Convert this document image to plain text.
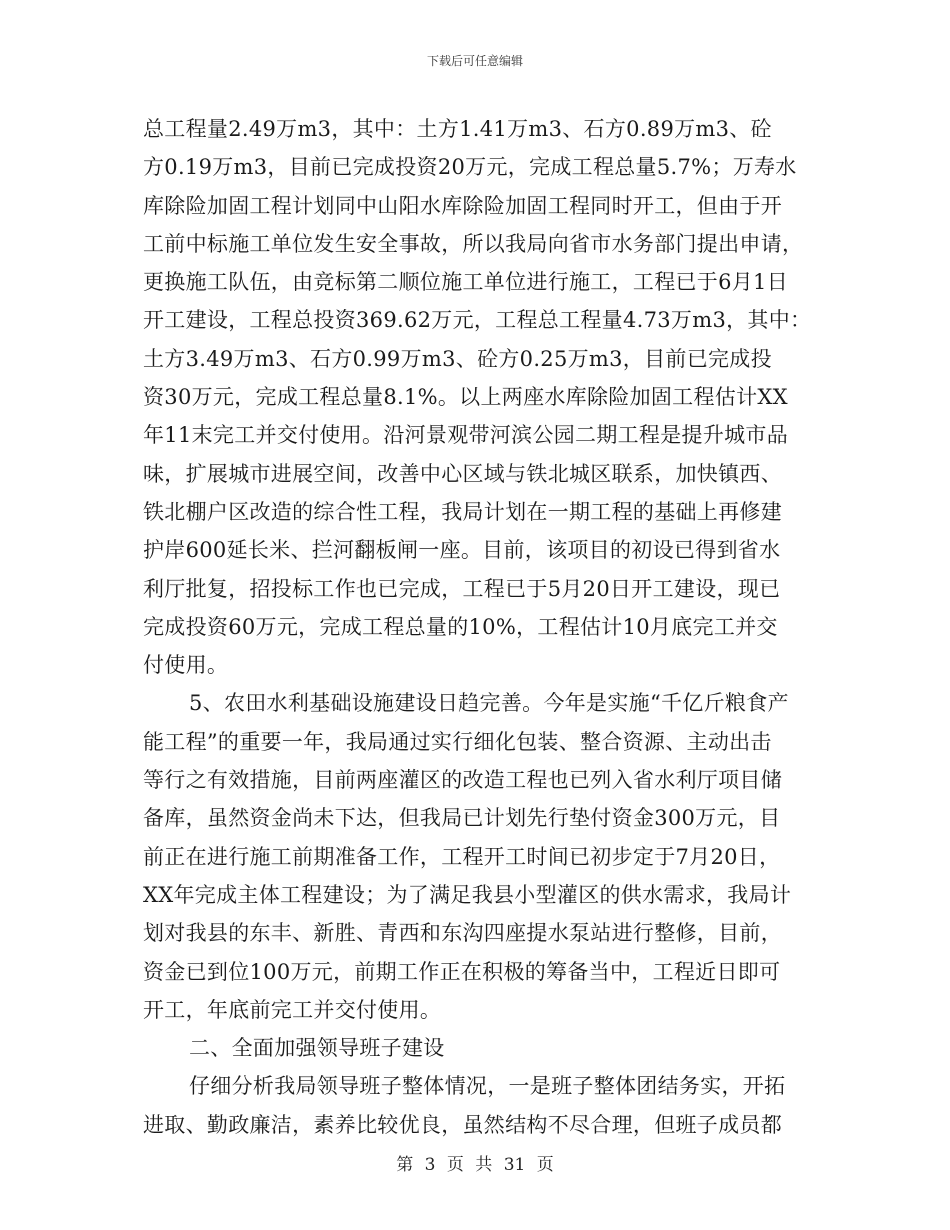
下载后可任意编辑
总工程量2.49万m3，其中：土方1.41万m3、石方0.89万m3、砼
方0.19万m3，目前已完成投资20万元，完成工程总量5.7%；万寿水
库除险加固工程计划同中山阳水库除险加固工程同时开工，但由于开
工前中标施工单位发生安全事故，所以我局向省市水务部门提出申请，
更换施工队伍，由竞标第二顺位施工单位进行施工，工程已于6月1日
开工建设，工程总投资369.62万元，工程总工程量4.73万m3，其中：
土方3.49万m3、石方0.99万m3、砼方0.25万m3，目前已完成投
资30万元，完成工程总量8.1%。以上两座水库除险加固工程估计XX
年11末完工并交付使用。沿河景观带河滨公园二期工程是提升城市品
味，扩展城市进展空间，改善中心区域与铁北城区联系，加快镇西、
铁北棚户区改造的综合性工程，我局计划在一期工程的基础上再修建
护岸600延长米、拦河翻板闸一座。目前，该项目的初设已得到省水
利厅批复，招投标工作也已完成，工程已于5月20日开工建设，现已
完成投资60万元，完成工程总量的10%，工程估计10月底完工并交
付使用。
5、农田水利基础设施建设日趋完善。今年是实施“千亿斤粮食产
能工程”的重要一年，我局通过实行细化包装、整合资源、主动出击
等行之有效措施，目前两座灌区的改造工程也已列入省水利厅项目储
备库，虽然资金尚未下达，但我局已计划先行垫付资金300万元，目
前正在进行施工前期准备工作，工程开工时间已初步定于7月20日，
XX年完成主体工程建设；为了满足我县小型灌区的供水需求，我局计
划对我县的东丰、新胜、青西和东沟四座提水泵站进行整修，目前，
资金已到位100万元，前期工作正在积极的筹备当中，工程近日即可
开工，年底前完工并交付使用。
二、全面加强领导班子建设
仔细分析我局领导班子整体情况，一是班子整体团结务实，开拓
进取、勤政廉洁，素养比较优良，虽然结构不尽合理，但班子成员都
第 3 页 共 31 页
